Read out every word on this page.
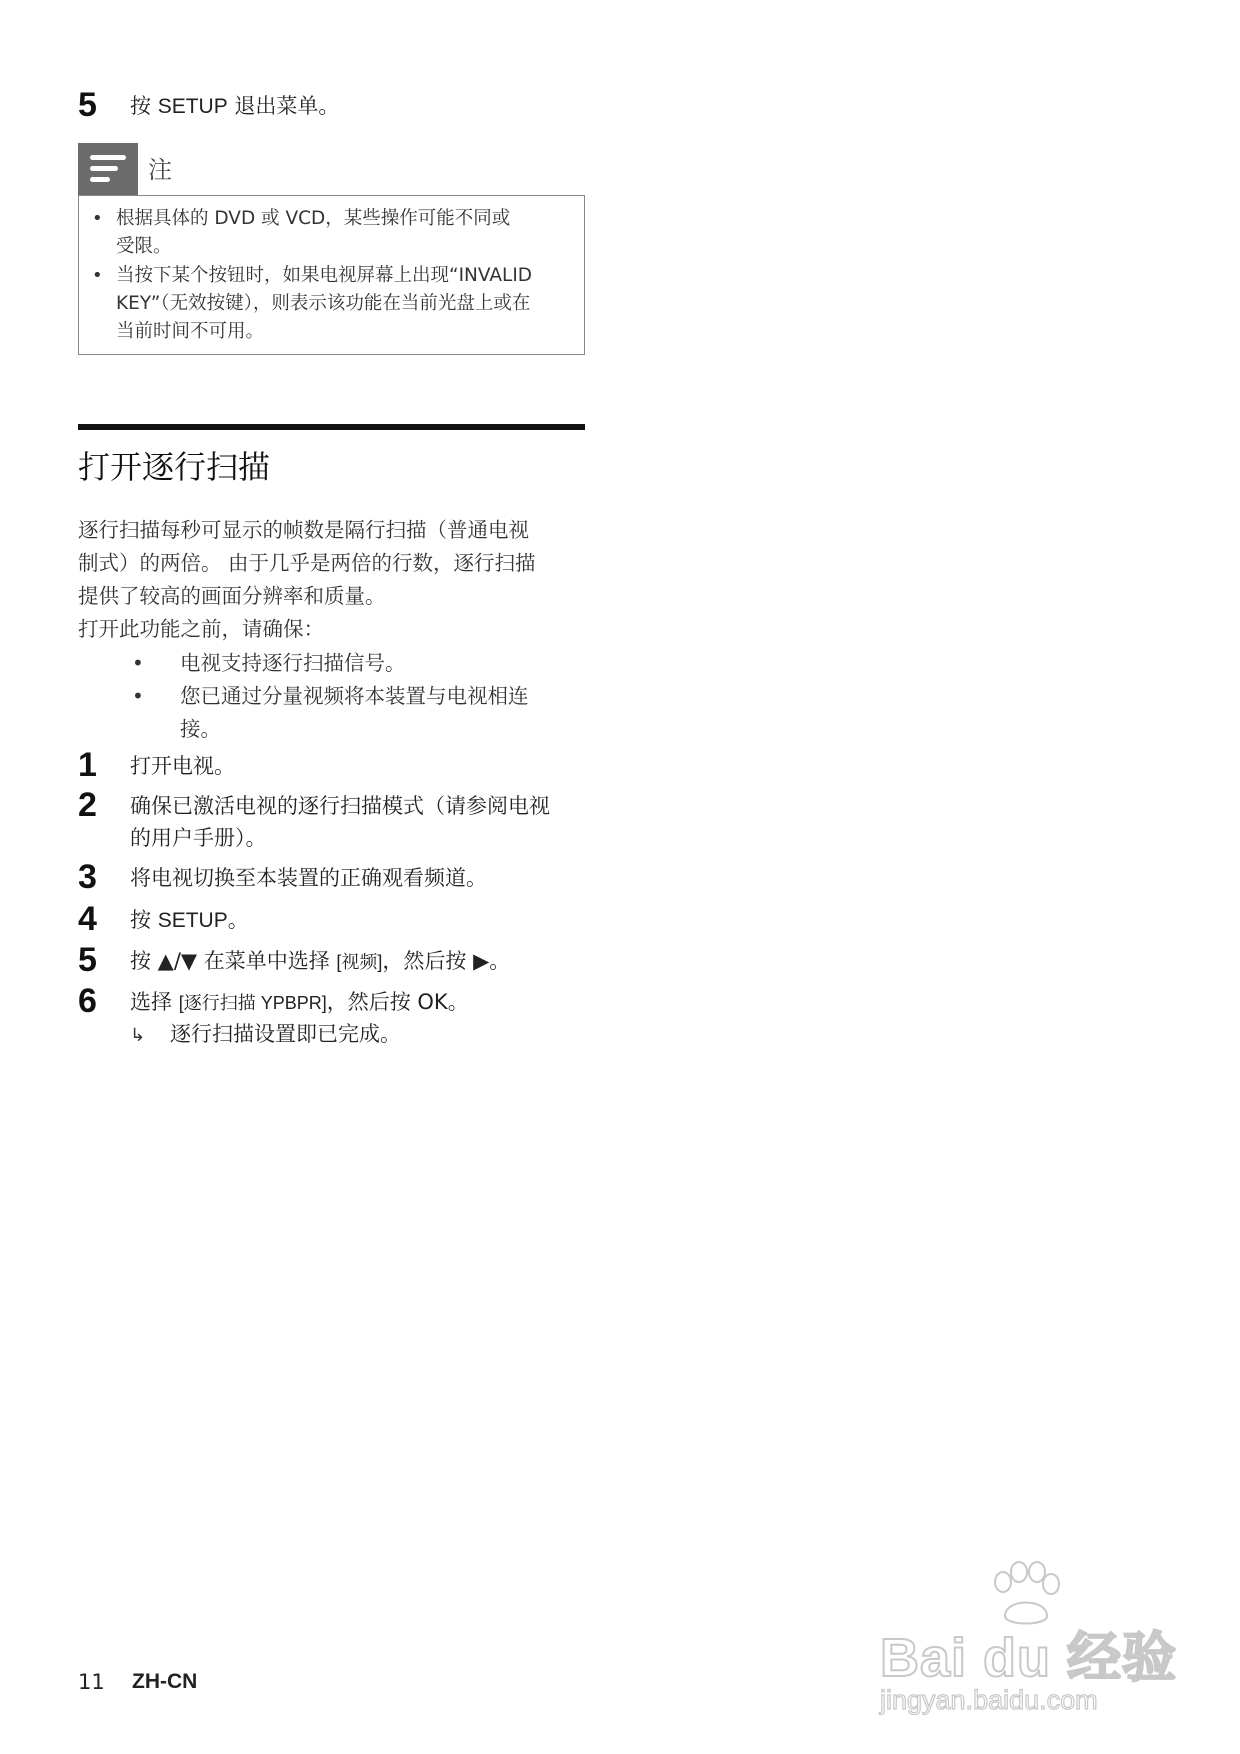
5 按 SETUP 退出菜单。
注
• 根据具体的 DVD 或 VCD，某些操作可能不同或
受限。
• 当按下某个按钮时，如果电视屏幕上出现“INVALID
KEY”（无效按键），则表示该功能在当前光盘上或在
当前时间不可用。
打开逐行扫描
逐行扫描每秒可显示的帧数是隔行扫描（普通电视
制式）的两倍。 由于几乎是两倍的行数，逐行扫描
提供了较高的画面分辨率和质量。
打开此功能之前，请确保：
• 电视支持逐行扫描信号。
• 您已通过分量视频将本装置与电视相连
接。
1 打开电视。
2 确保已激活电视的逐行扫描模式（请参阅电视
的用户手册）。
3 将电视切换至本装置的正确观看频道。
4 按 SETUP。
5 按 ▲/▼ 在菜单中选择 [视频]，然后按 ▶。
6 选择 [逐行扫描 YPBPR]，然后按 OK。
↳ 逐行扫描设置即已完成。
11 ZH-CN	Bai du 经验
jingyan.baidu.com
